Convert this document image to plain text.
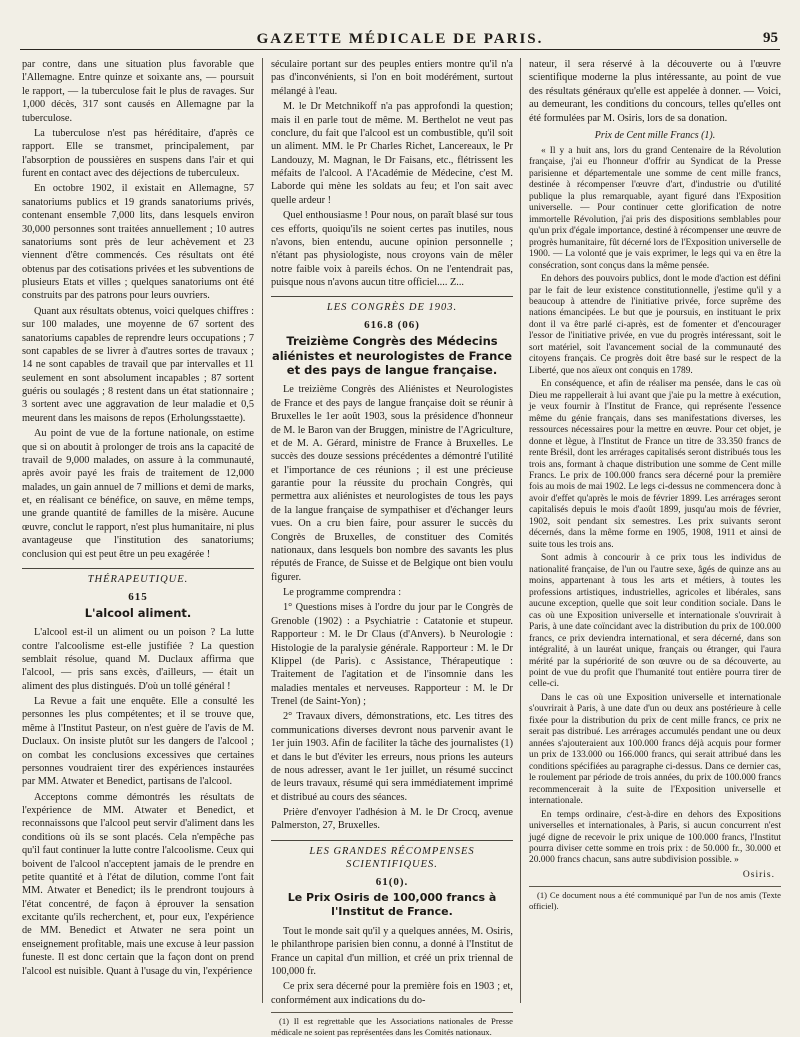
GAZETTE MÉDICALE DE PARIS.	95

par contre, dans une situation plus favorable que l'Allemagne. Entre quinze et soixante ans, — poursuit le rapport, — la tuberculose fait le plus de ravages. Sur 1,000 décès, 317 sont causés en Allemagne par la tuberculose.

La tuberculose n'est pas héréditaire, d'après ce rapport. Elle se transmet, principalement, par l'absorption de poussières en suspens dans l'air et qui furent en contact avec des déjections de tuberculeux.

En octobre 1902, il existait en Allemagne, 57 sanatoriums publics et 19 grands sanatoriums privés, contenant ensemble 7,000 lits, dans lesquels environ 30,000 personnes sont traitées annuellement ; 10 autres sanatoriums sont près de leur achèvement et 23 viennent d'être commencés. Ces résultats ont été obtenus par des cotisations privées et les subventions de plusieurs Etats et villes ; quelques sanatoriums ont été construits par des patrons pour leurs ouvriers.

Quant aux résultats obtenus, voici quelques chiffres : sur 100 malades, une moyenne de 67 sortent des sanatoriums capables de reprendre leurs occupations ; 7 sont capables de se livrer à d'autres sortes de travaux ; 14 ne sont capables de travail que par intervalles et 11 seulement en sont absolument incapables ; 87 sortent guéris ou soulagés ; 8 restent dans un état stationnaire ; 3 sortent avec une aggravation de leur maladie et 0,5 meurent dans les maisons de repos (Erholungsstaette).

Au point de vue de la fortune nationale, on estime que si on aboutit à prolonger de trois ans la capacité de travail de 9,000 malades, on assure à la communauté, après avoir payé les frais de traitement de 12,000 malades, un gain annuel de 7 millions et demi de marks, et, en réalisant ce bénéfice, on sauve, en même temps, une grande quantité de familles de la misère. Aucune œuvre, conclut le rapport, n'est plus humanitaire, ni plus avantageuse que l'institution des sanatoriums; conclusion qui est peut être un peu exagérée !

THÉRAPEUTIQUE.
615
L'alcool aliment.

L'alcool est-il un aliment ou un poison ? La lutte contre l'alcoolisme est-elle justifiée ? La question semblait résolue, quand M. Duclaux affirma que l'alcool, — pris sans excès, d'ailleurs, — était un aliment des plus distingués. D'où un tollé général !

La Revue a fait une enquête. Elle a consulté les personnes les plus compétentes; et il se trouve que, même à l'Institut Pasteur, on n'est guère de l'avis de M. Duclaux. On insiste plutôt sur les dangers de l'alcool ; on combat les conclusions excessives que certaines personnes voudraient tirer des expériences instaurées par MM. Atwater et Benedict, partisans de l'alcool.

Acceptons comme démontrés les résultats de l'expérience de MM. Atwater et Benedict, et reconnaissons que l'alcool peut servir d'aliment dans les conditions où ils se sont placés. Cela n'empêche pas qu'il faut continuer la lutte contre l'alcoolisme. Ceux qui boivent de l'alcool n'acceptent jamais de le prendre en petite quantité et à l'état de dilution, comme l'ont fait MM. Atwater et Benedict; ils le prendront toujours à l'état concentré, de façon à éprouver la sensation excitante qu'ils recherchent, et, pour eux, l'expérience de MM. Benedict et Atwater ne sera point un enseignement profitable, mais une excuse à leur passion funeste. Il est donc certain que la façon dont on prend l'alcool est nuisible. Quant à l'usage du vin, l'expérience

séculaire portant sur des peuples entiers montre qu'il n'a pas d'inconvénients, si l'on en boit modérément, surtout mélangé à l'eau.

M. le Dr Metchnikoff n'a pas approfondi la question; mais il en parle tout de même. M. Berthelot ne veut pas conclure, du fait que l'alcool est un combustible, qu'il soit un aliment. MM. le Pr Charles Richet, Lancereaux, le Pr Landouzy, M. Magnan, le Dr Faisans, etc., flétrissent les méfaits de l'alcool. A l'Académie de Médecine, c'est M. Laborde qui mène les soldats au feu; et l'on sait avec quelle ardeur !

Quel enthousiasme ! Pour nous, on paraît blasé sur tous ces efforts, quoiqu'ils ne soient certes pas inutiles, nous n'avons, bien entendu, aucune opinion personnelle ; n'étant pas physiologiste, nous croyons vain de mêler notre faible voix à pareils échos. On ne l'entendrait pas, puisque nous n'avons aucun titre officiel.... Z...

LES CONGRÈS DE 1903.
616.8 (06)
Treizième Congrès des Médecins aliénistes et neurologistes de France et des pays de langue française.

Le treizième Congrès des Aliénistes et Neurologistes de France et des pays de langue française doit se réunir à Bruxelles le 1er août 1903, sous la présidence d'honneur de M. le Baron van der Bruggen, ministre de l'Agriculture, et de M. A. Gérard, ministre de France à Bruxelles. Le succès des douze sessions précédentes a démontré l'utilité et l'importance de ces réunions ; il est une précieuse garantie pour la réussite du prochain Congrès, qui permettra aux aliénistes et neurologistes de tous les pays de la langue française de sympathiser et d'échanger leurs vues. On a cru bien faire, pour assurer le succès du Congrès de Bruxelles, de constituer des Comités nationaux, dans lesquels bon nombre des savants les plus réputés de France, de Suisse et de Belgique ont bien voulu figurer.

Le programme comprendra :

1° Questions mises à l'ordre du jour par le Congrès de Grenoble (1902) : a Psychiatrie : Catatonie et stupeur. Rapporteur : M. le Dr Claus (d'Anvers). b Neurologie : Histologie de la paralysie générale. Rapporteur : M. le Dr Klippel (de Paris). c Assistance, Thérapeutique : Traitement de l'agitation et de l'insomnie dans les maladies mentales et nerveuses. Rapporteur : M. le Dr Trenel (de Saint-Yon) ;

2° Travaux divers, démonstrations, etc. Les titres des communications diverses devront nous parvenir avant le 1er juin 1903. Afin de faciliter la tâche des journalistes (1) et dans le but d'éviter les erreurs, nous prions les auteurs de nous adresser, avant le 1er juillet, un résumé succinct de leurs travaux, résumé qui sera immédiatement imprimé et distribué au cours des séances.

Prière d'envoyer l'adhésion à M. le Dr Crocq, avenue Palmerston, 27, Bruxelles.

LES GRANDES RÉCOMPENSES SCIENTIFIQUES.
61(0).
Le Prix Osiris de 100,000 francs à l'Institut de France.

Tout le monde sait qu'il y a quelques années, M. Osiris, le philanthrope parisien bien connu, a donné à l'Institut de France un capital d'un million, et créé un prix triennal de 100,000 fr.

Ce prix sera décerné pour la première fois en 1903 ; et, conformément aux indications du do-

(1) Il est regrettable que les Associations nationales de Presse médicale ne soient pas représentées dans les Comités nationaux.

nateur, il sera réservé à la découverte ou à l'œuvre scientifique moderne la plus intéressante, au point de vue des résultats généraux qu'elle est appelée à donner. — Voici, au demeurant, les conditions du concours, telles qu'elles ont été formulées par M. Osiris, lors de sa donation.

Prix de Cent mille Francs (1).

« Il y a huit ans, lors du grand Centenaire de la Révolution française, j'ai eu l'honneur d'offrir au Syndicat de la Presse parisienne et départementale une somme de cent mille francs, destinée à récompenser l'œuvre d'art, d'industrie ou d'utilité publique la plus remarquable, ayant figuré dans l'Exposition universelle. — Pour continuer cette glorification de notre immortelle Révolution, j'ai pris des dispositions semblables pour qu'un prix d'égale importance, destiné à récompenser une œuvre de progrès humanitaire, fût décerné lors de l'Exposition universelle de 1900. — La volonté que je vais exprimer, le legs qui va en être la consécration, sont conçus dans la même pensée.

En dehors des pouvoirs publics, dont le mode d'action est défini par le fait de leur existence constitutionnelle, j'estime qu'il y a beaucoup à attendre de l'initiative privée, force suprême des nations émancipées. Le but que je poursuis, en instituant le prix dont il va être parlé ci-après, est de fomenter et d'encourager l'essor de l'initiative privée, en vue du progrès intéressant, soit le sort matériel, soit l'avancement social de la communauté des citoyens français. Ce progrès doit être basé sur le respect de la Liberté, que nos aïeux ont conquis en 1789.

En conséquence, et afin de réaliser ma pensée, dans le cas où Dieu me rappellerait à lui avant que j'aie pu la mettre à exécution, je veux fournir à l'Institut de France, qui représente l'essence même du génie français, dans ses manifestations diverses, les ressources nécessaires pour la mettre en œuvre. Pour cet objet, je donne et lègue, à l'Institut de France un titre de 33.350 francs de rente Brésil, dont les arrérages capitalisés seront distribués tous les trois ans, formant à chaque distribution une somme de Cent mille Francs. Le prix de 100.000 francs sera décerné pour la première fois au mois de mai 1902. Le legs ci-dessus ne commencera donc à avoir d'effet qu'après le mois de février 1899. Les arrérages seront capitalisés depuis le mois d'août 1899, jusqu'au mois de février, 1902, soit pendant six semestres. Les prix suivants seront décernés, dans la même forme en 1905, 1908, 1911 et ainsi de suite tous les trois ans.

Sont admis à concourir à ce prix tous les individus de nationalité française, de l'un ou l'autre sexe, âgés de quinze ans au moins, appartenant à tous les arts et métiers, à toutes les professions artistiques, industrielles, agricoles et libérales, sans aucune exception, quelle que soit leur condition sociale. Dans le cas où une Exposition universelle et internationale s'ouvrirait à Paris, à une date coïncidant avec la distribution du prix de 100.000 francs, ce prix deviendra international, et sera décerné, dans son intégralité, à un lauréat unique, français ou étranger, qui l'aura mérité par la supériorité de son œuvre ou de sa découverte, au point de vue du profit que l'humanité tout entière pourra tirer de celle-ci.

Dans le cas où une Exposition universelle et internationale s'ouvrirait à Paris, à une date d'un ou deux ans postérieure à celle fixée pour la distribution du prix de cent mille francs, ce prix ne serait pas distribué. Les arrérages accumulés pendant une ou deux années s'ajouteraient aux 100.000 francs déjà acquis pour former un prix de 133.000 ou 166.000 francs, qui serait attribué dans les conditions spécifiées au paragraphe ci-dessus. Dans ce dernier cas, le roulement par période de trois années, du prix de 100.000 francs recommencerait à la suite de l'Exposition universelle et internationale.

En temps ordinaire, c'est-à-dire en dehors des Expositions universelles et internationales, à Paris, si aucun concurrent n'est jugé digne de recevoir le prix unique de 100.000 francs, l'Institut pourra diviser cette somme en trois prix : de 50.000 fr., 30.000 et 20.000 francs chacun, sans autre subdivision possible. »

Osiris.
(1) Ce document nous a été communiqué par l'un de nos amis (Texte officiel).
